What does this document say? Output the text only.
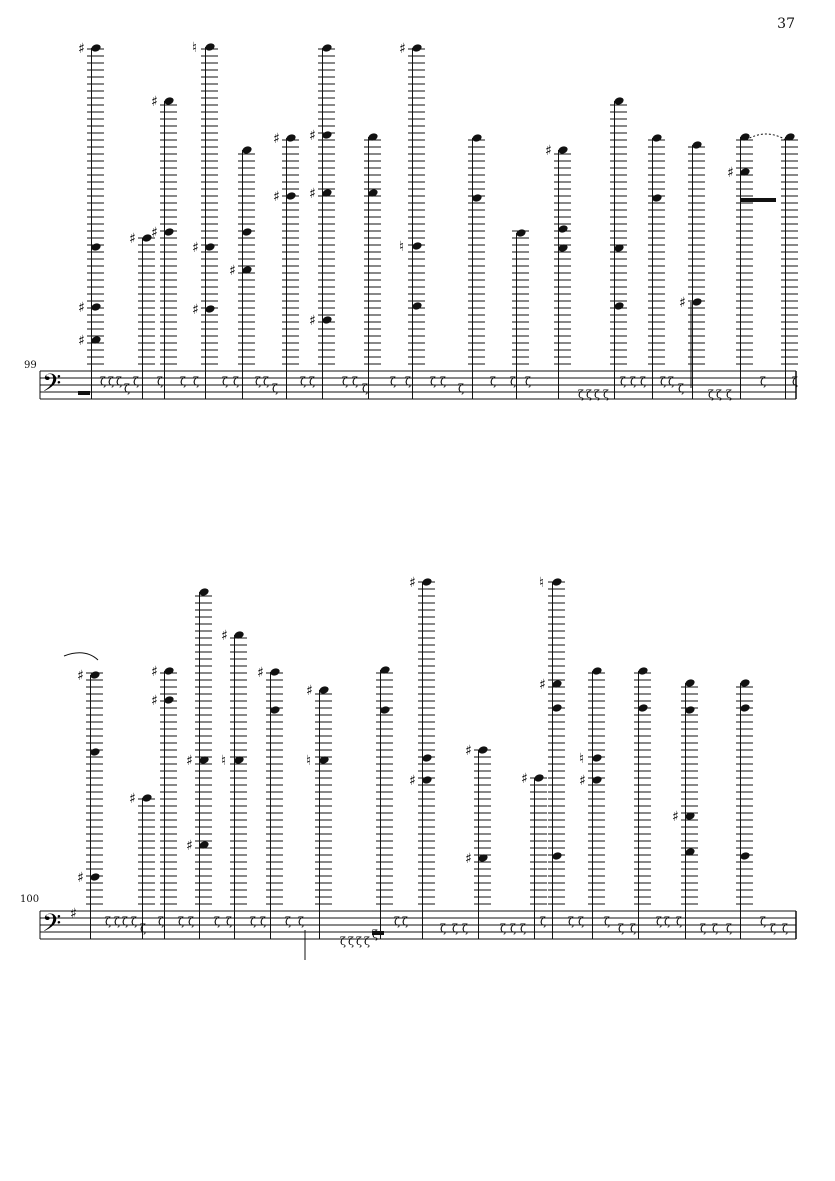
37
99
100
𝄢
♯
♯
♯
♯
♯
♯
♮
♯
♯
♯
♯
♯
♯
♯
♯
♯
♮
♯
♯
♯
ζ ζ ζ
ζ
ζ ζ ζ ζ ζ ζ ζ ζ
ζ
ζ ζ ζ ζ
ζ
ζ ζ ζ ζ
ζ
ζ ζ ζ
ζ ζ ζ ζ
ζ ζ ζ ζ ζ
ζ ζ ζ ζ
ζ ζ
𝄢 ♯
♯
♯
♯
♯
♯
♯
♯
♯
♮
♯
♯
♮
♯
♯
♯
♯
♯
♮
♯
♮
♯
♯
ζ ζ ζ ζ
ζ
ζ ζ ζ ζ ζ ζ ζ ζ ζ
ζ ζ ζ ζ
ζ ζ
ζ ζ ζ	ζ ζ ζ
ζ ζ ζ ζ
ζ ζ
ζ ζ ζ
ζ ζ ζ
ζ
ζ ζ
